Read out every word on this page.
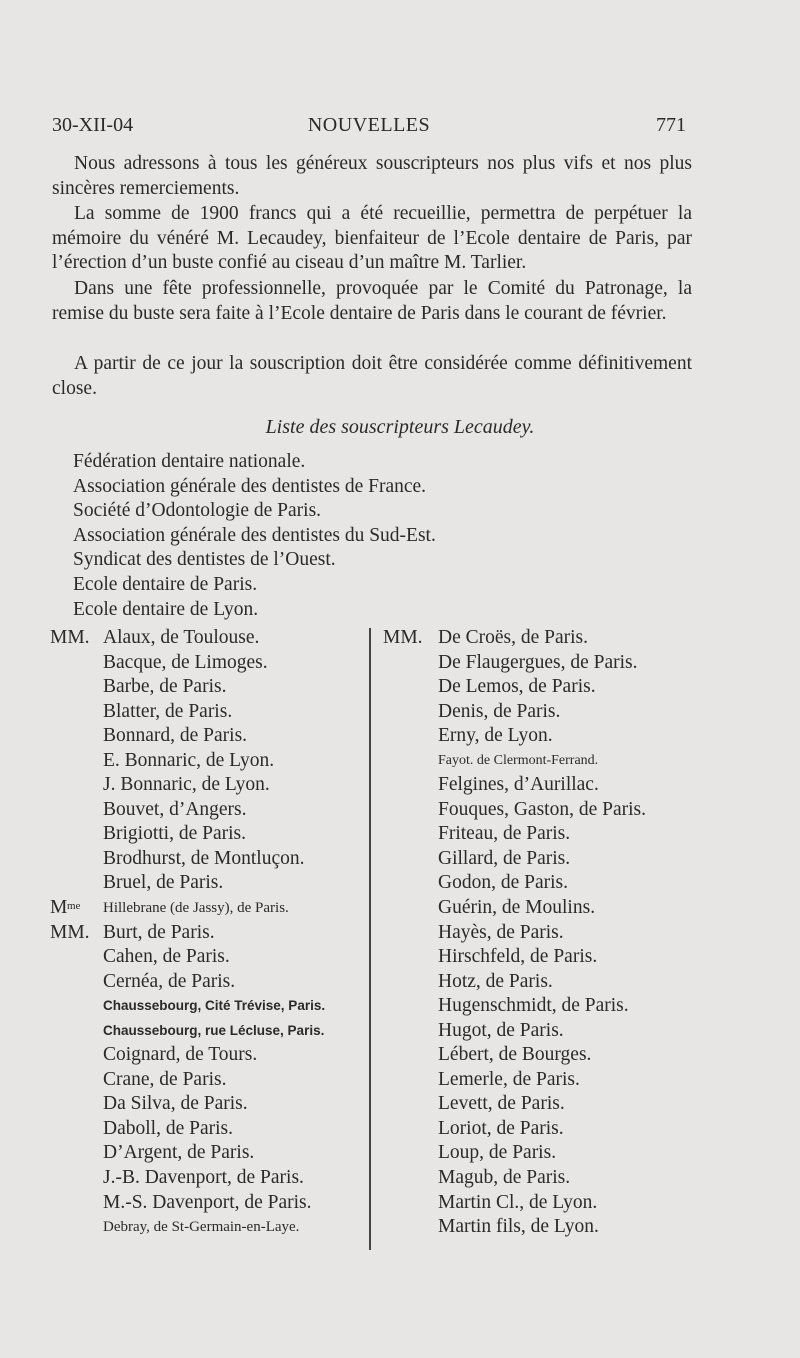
30-XII-04	NOUVELLES	771
Nous adressons à tous les généreux souscripteurs nos plus vifs et nos plus sincères remerciements.
La somme de 1900 francs qui a été recueillie, permettra de perpétuer la mémoire du vénéré M. Lecaudey, bienfaiteur de l’Ecole dentaire de Paris, par l’érection d’un buste confié au ciseau d’un maître M. Tarlier.
Dans une fête professionnelle, provoquée par le Comité du Patronage, la remise du buste sera faite à l’Ecole dentaire de Paris dans le courant de février.
A partir de ce jour la souscription doit être considérée comme définitivement close.
Liste des souscripteurs Lecaudey.
Fédération dentaire nationale.
Association générale des dentistes de France.
Société d’Odontologie de Paris.
Association générale des dentistes du Sud-Est.
Syndicat des dentistes de l’Ouest.
Ecole dentaire de Paris.
Ecole dentaire de Lyon.
MM. Alaux, de Toulouse.
Bacque, de Limoges.
Barbe, de Paris.
Blatter, de Paris.
Bonnard, de Paris.
E. Bonnaric, de Lyon.
J. Bonnaric, de Lyon.
Bouvet, d’Angers.
Brigiotti, de Paris.
Brodhurst, de Montluçon.
Bruel, de Paris.
M me Hillebrane (de Jassy), de Paris.
MM. Burt, de Paris.
Cahen, de Paris.
Cernéa, de Paris.
Chaussebourg, Cité Trévise, Paris.
Chaussebourg, rue Lécluse, Paris.
Coignard, de Tours.
Crane, de Paris.
Da Silva, de Paris.
Daboll, de Paris.
D’Argent, de Paris.
J.-B. Davenport, de Paris.
M.-S. Davenport, de Paris.
Debray, de St-Germain-en-Laye.
MM. De Croës, de Paris.
De Flaugergues, de Paris.
De Lemos, de Paris.
Denis, de Paris.
Erny, de Lyon.
Fayot. de Clermont-Ferrand.
Felgines, d’Aurillac.
Fouques, Gaston, de Paris.
Friteau, de Paris.
Gillard, de Paris.
Godon, de Paris.
Guérin, de Moulins.
Hayès, de Paris.
Hirschfeld, de Paris.
Hotz, de Paris.
Hugenschmidt, de Paris.
Hugot, de Paris.
Lébert, de Bourges.
Lemerle, de Paris.
Levett, de Paris.
Loriot, de Paris.
Loup, de Paris.
Magub, de Paris.
Martin Cl., de Lyon.
Martin fils, de Lyon.
